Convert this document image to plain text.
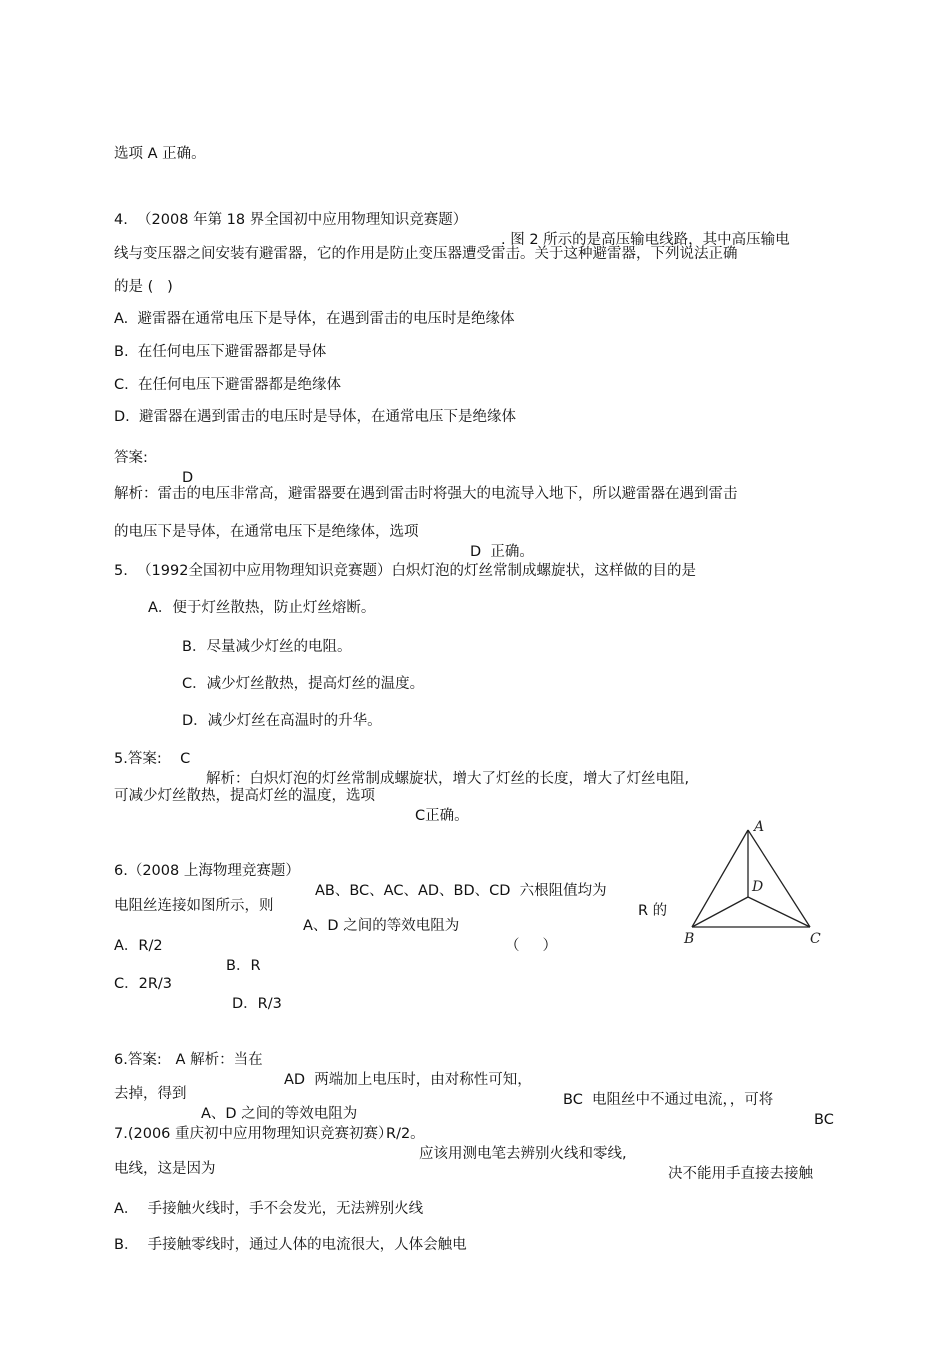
选项 A 正确。

4.  （2008 年第 18 界全国初中应用物理知识竞赛题）

. 图 2 所示的是高压输电线路，其中高压输电

线与变压器之间安装有避雷器，它的作用是防止变压器遭受雷击。关于这种避雷器，下列说法正确

的是 (   )

A.  避雷器在通常电压下是导体，在遇到雷击的电压时是绝缘体

B.  在任何电压下避雷器都是导体

C.  在任何电压下避雷器都是绝缘体

D.  避雷器在遇到雷击的电压时是导体，在通常电压下是绝缘体

答案:

D

解析：雷击的电压非常高，避雷器要在遇到雷击时将强大的电流导入地下，所以避雷器在遇到雷击

的电压下是导体，在通常电压下是绝缘体，选项

D  正确。

5.  （1992全国初中应用物理知识竞赛题）白炽灯泡的灯丝常制成螺旋状，这样做的目的是

A．便于灯丝散热，防止灯丝熔断。

B．尽量减少灯丝的电阻。

C．减少灯丝散热，提高灯丝的温度。

D．减少灯丝在高温时的升华。

5.答案:    C

解析：白炽灯泡的灯丝常制成螺旋状，增大了灯丝的长度，增大了灯丝电阻,

可减少灯丝散热，提高灯丝的温度，选项

C正确。

6.（2008 上海物理竞赛题）

AB、BC、AC、AD、BD、CD  六根阻值均为

R 的

电阻丝连接如图所示，则

A、D 之间的等效电阻为

（     ）

A．R/2

B．R

C．2R/3

D．R/3

A
B	C
D

6.答案:   A 解析：当在

AD  两端加上电压时，由对称性可知，

BC  电阻丝中不通过电流，，可将

BC

去掉，得到

A、D 之间的等效电阻为

R/2。

7.(2006 重庆初中应用物理知识竞赛初赛）

应该用测电笔去辨别火线和零线,

决不能用手直接去接触

电线，这是因为

A．  手接触火线时，手不会发光，无法辨别火线

B．  手接触零线时，通过人体的电流很大，人体会触电
